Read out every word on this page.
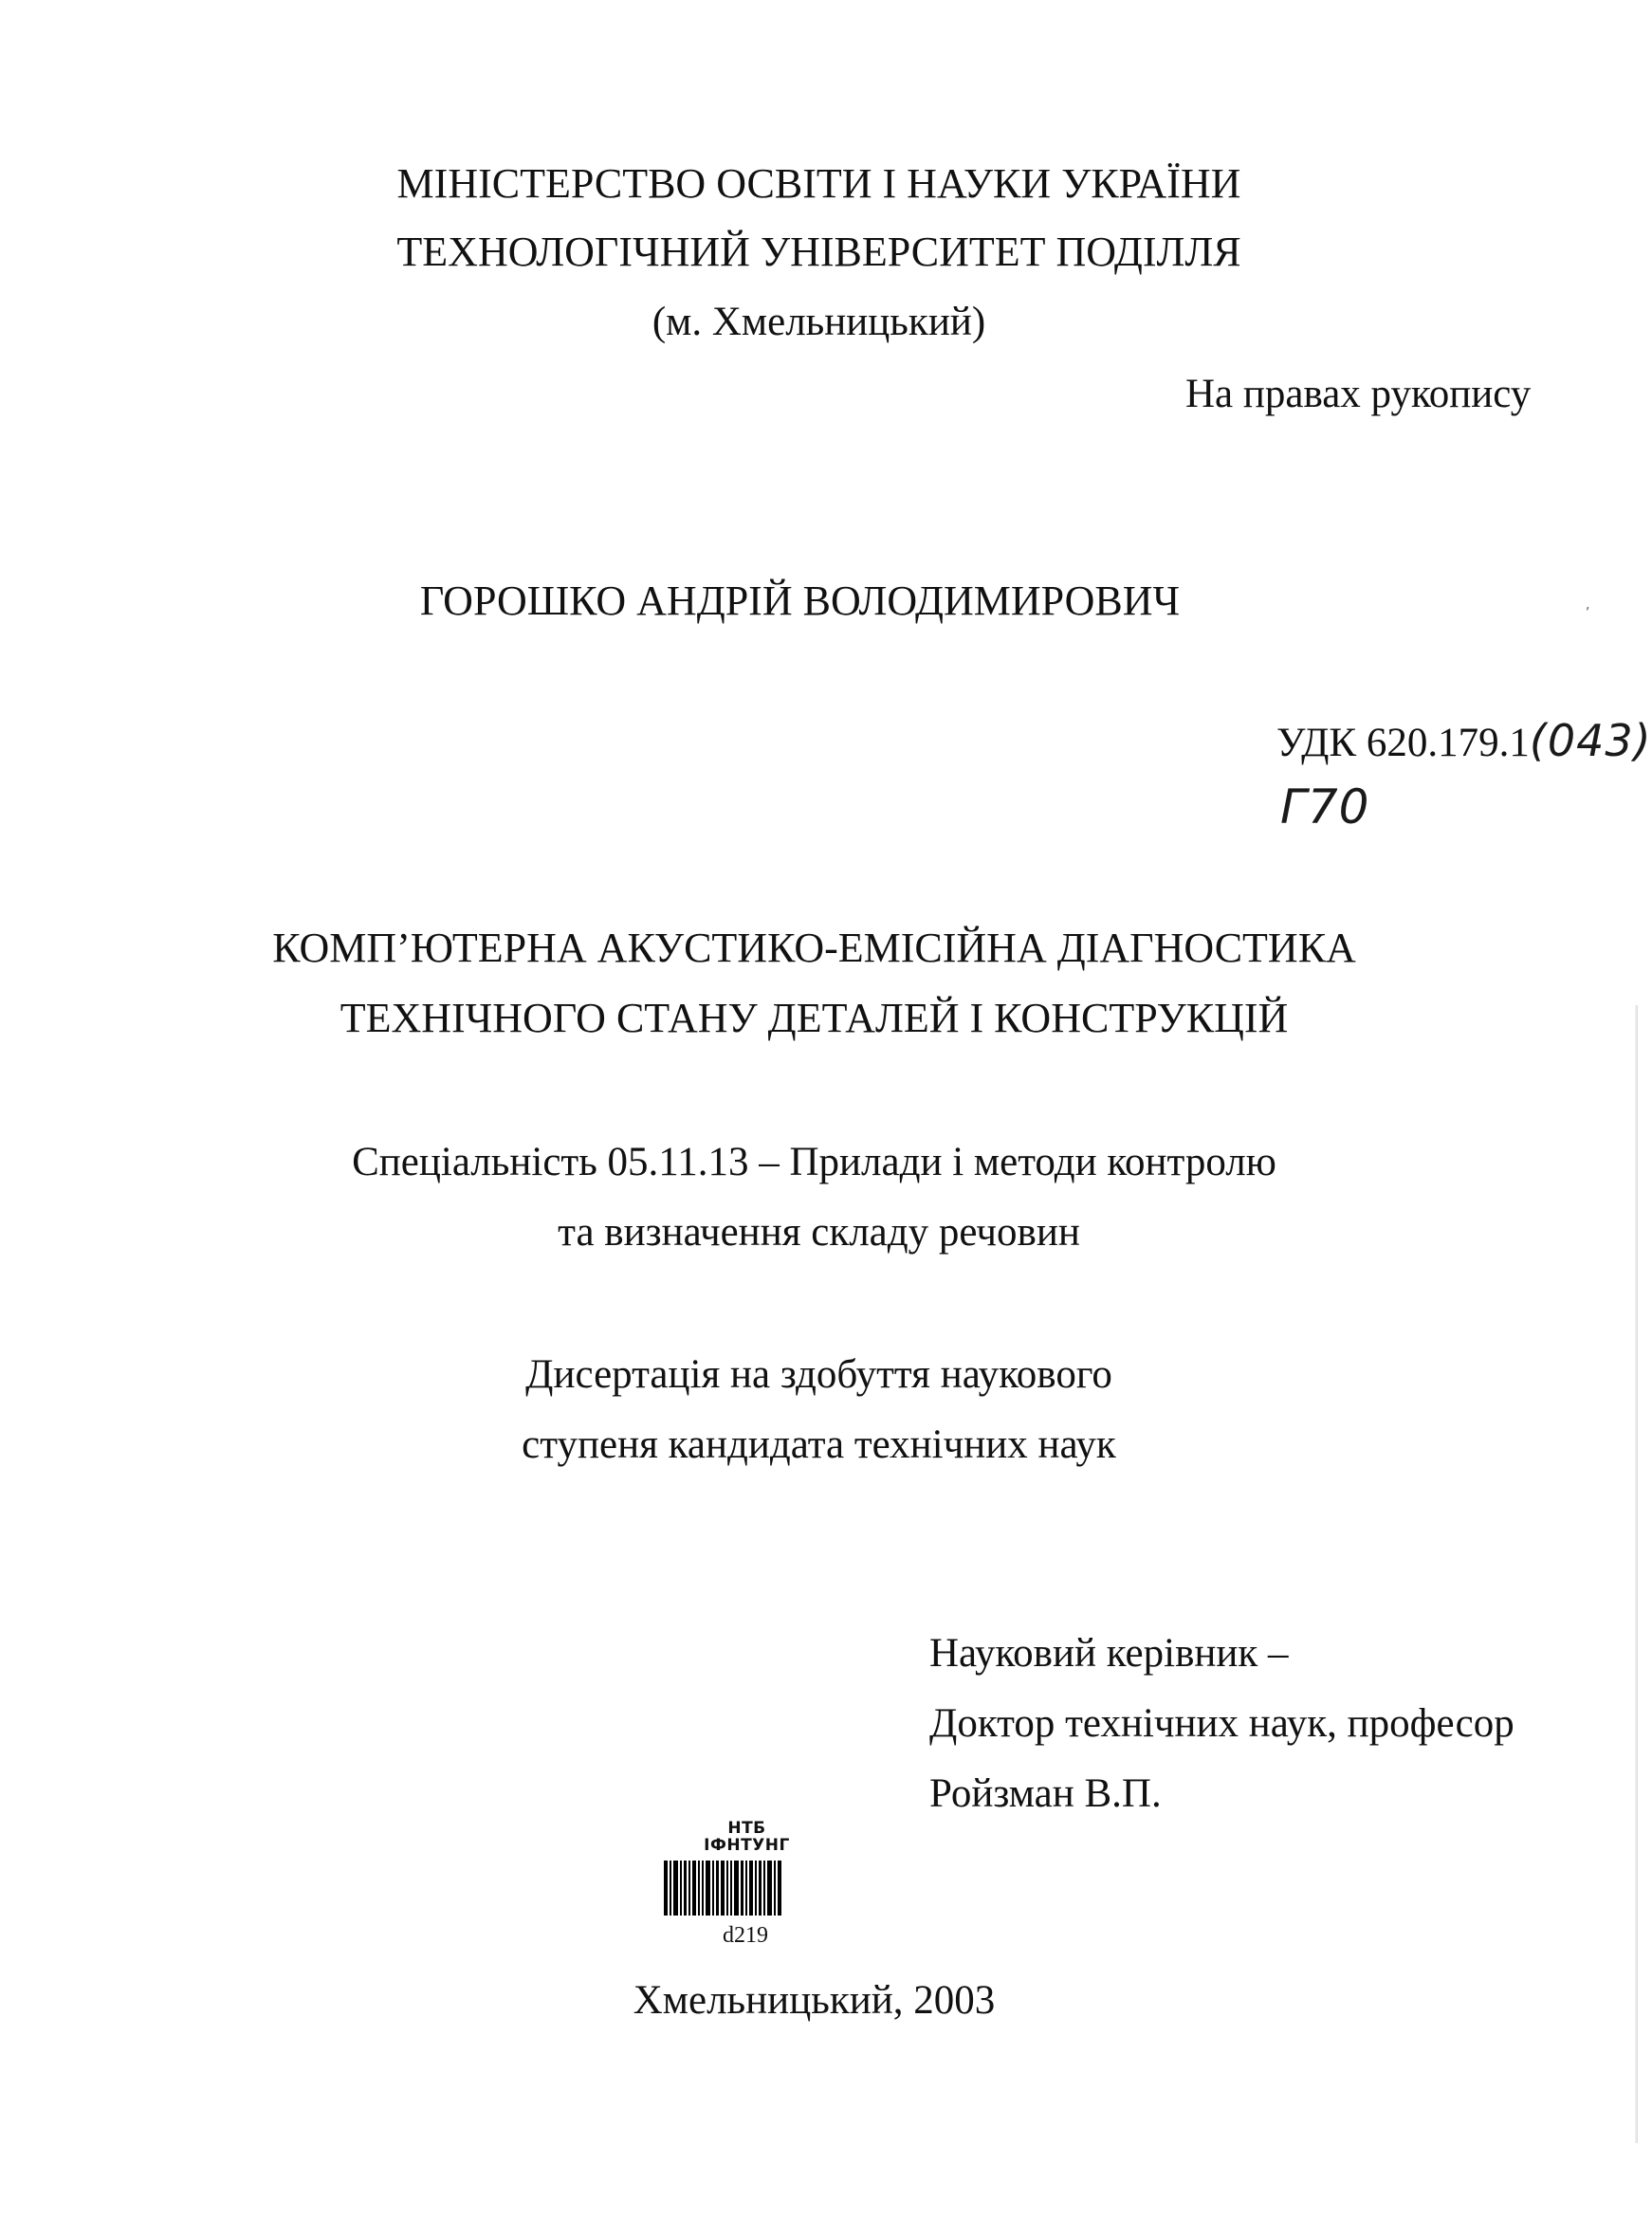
МІНІСТЕРСТВО ОСВІТИ І НАУКИ УКРАЇНИ
ТЕХНОЛОГІЧНИЙ УНІВЕРСИТЕТ ПОДІЛЛЯ
(м. Хмельницький)
На правах рукопису
ГОРОШКО АНДРІЙ ВОЛОДИМИРОВИЧ	,
УДК 620.179.1(043)
Г70
КОМП’ЮТЕРНА АКУСТИКО-ЕМІСІЙНА ДІАГНОСТИКА
ТЕХНІЧНОГО СТАНУ ДЕТАЛЕЙ І КОНСТРУКЦІЙ
Спеціальність 05.11.13 – Прилади і методи контролю
та визначення складу речовин
Дисертація на здобуття наукового
ступеня кандидата технічних наук
Науковий керівник –
Доктор технічних наук, професор
Ройзман В.П.
НТБ
ІФНТУНГ
d219
Хмельницький, 2003
